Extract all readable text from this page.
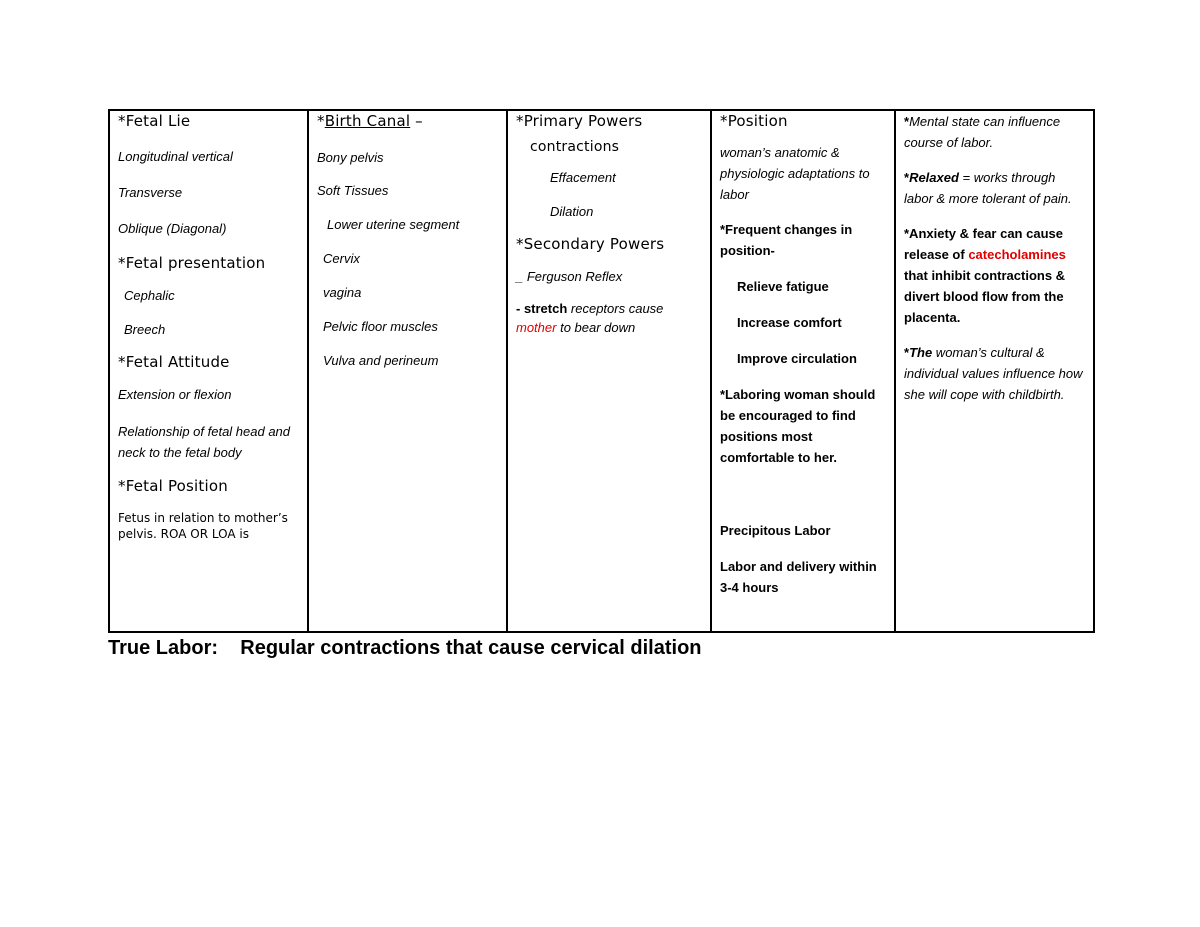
*Fetal Lie
Longitudinal vertical
Transverse
Oblique (Diagonal)
*Fetal presentation
Cephalic
Breech
*Fetal Attitude
Extension or flexion
Relationship of fetal head and neck to the fetal body
*Fetal Position
Fetus in relation to mother’s pelvis. ROA OR LOA is

*Birth Canal –
Bony pelvis
Soft Tissues
Lower uterine segment
Cervix
vagina
Pelvic floor muscles
Vulva and perineum

*Primary Powers
contractions
Effacement
Dilation
*Secondary Powers
_ Ferguson Reflex
- stretch receptors cause mother to bear down

*Position
woman’s anatomic & physiologic adaptations to labor
*Frequent changes in position-
Relieve fatigue
Increase comfort
Improve circulation
*Laboring woman should be encouraged to find positions most comfortable to her.
Precipitous Labor
Labor and delivery within 3-4 hours

*Mental state can influence course of labor.
*Relaxed = works through labor & more tolerant of pain.
*Anxiety & fear can cause release of catecholamines that inhibit contractions & divert blood flow from the placenta.
*The woman’s cultural & individual values influence how she will cope with childbirth.
True Labor: Regular contractions that cause cervical dilation
